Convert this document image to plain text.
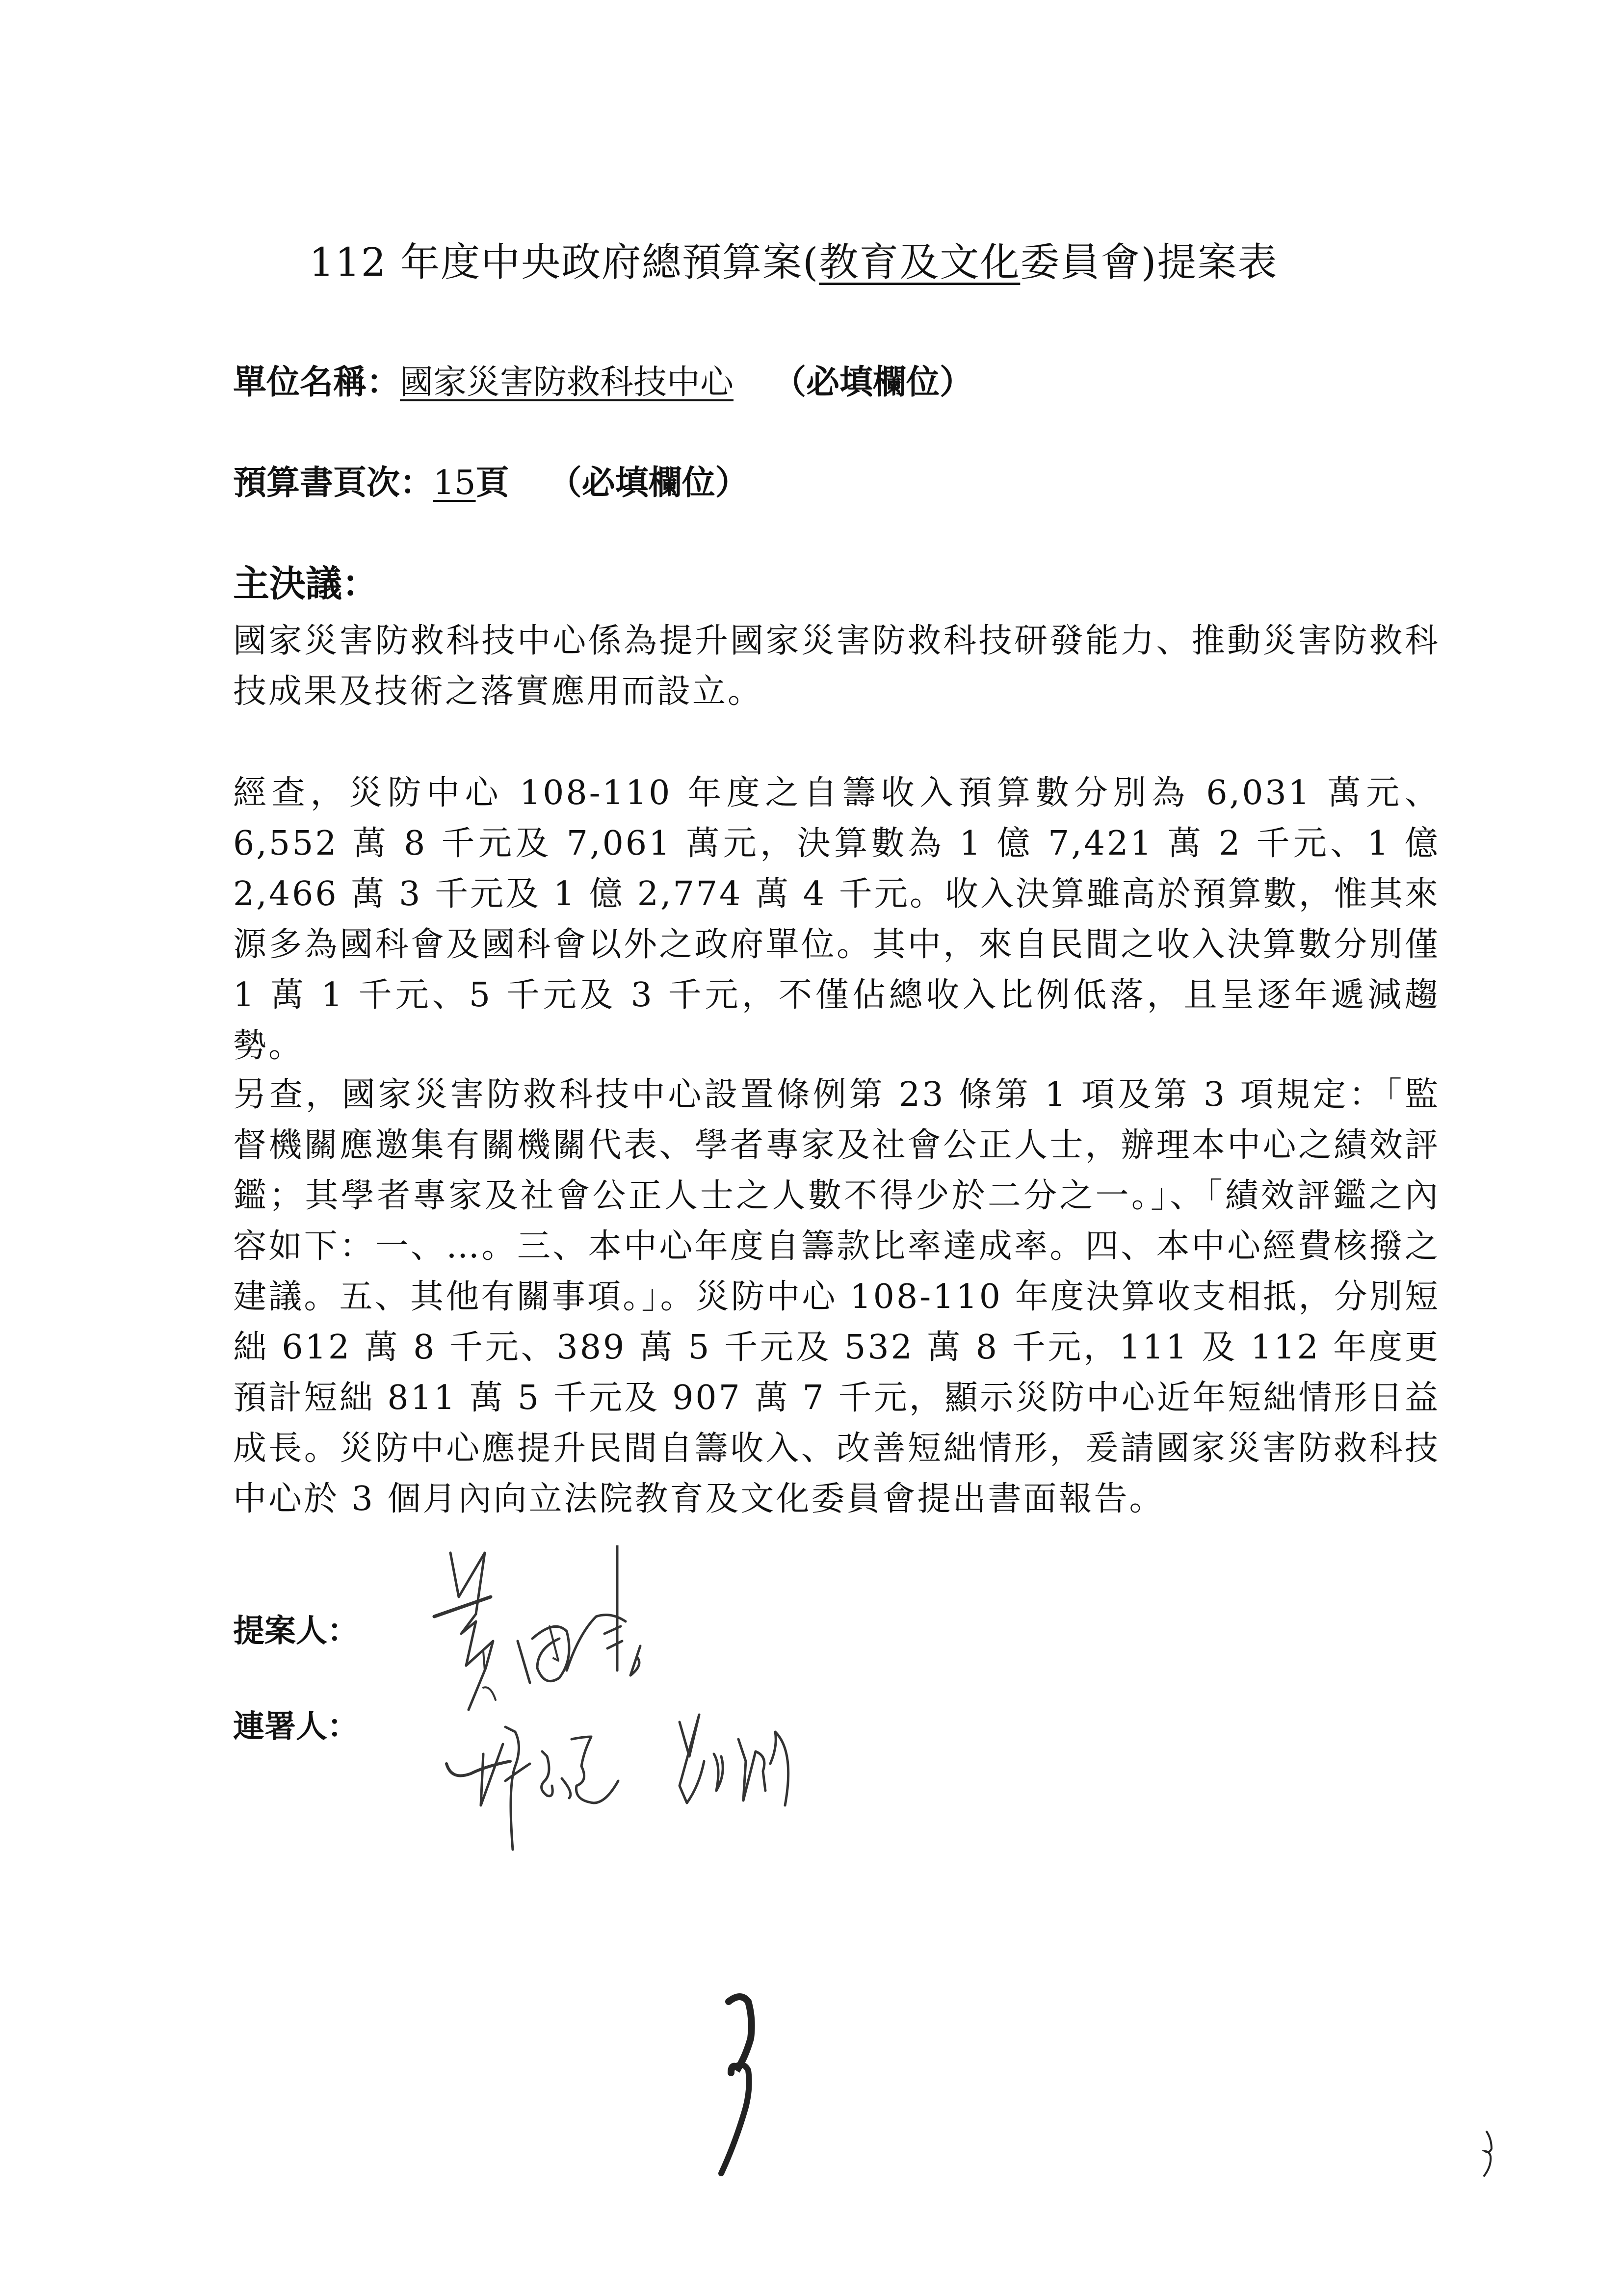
112 年度中央政府總預算案(教育及文化委員會)提案表
單位名稱：國家災害防救科技中心 （必填欄位）
預算書頁次：15頁 （必填欄位）
主決議：
國家災害防救科技中心係為提升國家災害防救科技研發能力、推動災害防救科技成果及技術之落實應用而設立。
經查，災防中心 108-110 年度之自籌收入預算數分別為 6,031 萬元、6,552 萬 8 千元及 7,061 萬元，決算數為 1 億 7,421 萬 2 千元、1 億 2,466 萬 3 千元及 1 億 2,774 萬 4 千元。收入決算雖高於預算數，惟其來源多為國科會及國科會以外之政府單位。其中，來自民間之收入決算數分別僅 1 萬 1 千元、5 千元及 3 千元，不僅佔總收入比例低落，且呈逐年遞減趨勢。
另查，國家災害防救科技中心設置條例第 23 條第 1 項及第 3 項規定：「監督機關應邀集有關機關代表、學者專家及社會公正人士，辦理本中心之績效評鑑；其學者專家及社會公正人士之人數不得少於二分之一。」、「績效評鑑之內容如下：一、…。三、本中心年度自籌款比率達成率。四、本中心經費核撥之建議。五、其他有關事項。」。災防中心 108-110 年度決算收支相抵，分別短絀 612 萬 8 千元、389 萬 5 千元及 532 萬 8 千元，111 及 112 年度更預計短絀 811 萬 5 千元及 907 萬 7 千元，顯示災防中心近年短絀情形日益成長。災防中心應提升民間自籌收入、改善短絀情形，爰請國家災害防救科技中心於 3 個月內向立法院教育及文化委員會提出書面報告。
提案人：
連署人：
